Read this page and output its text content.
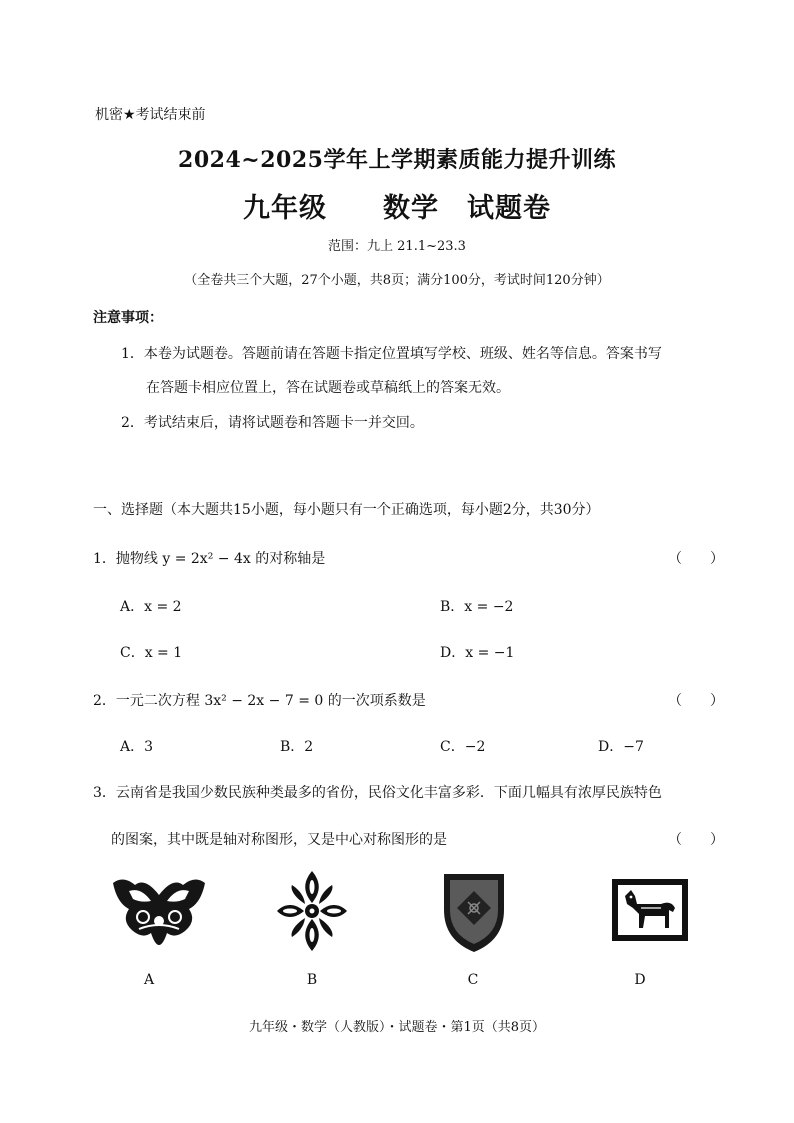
机密★考试结束前
2024~2025学年上学期素质能力提升训练
九年级　　数学　试题卷
范围：九上 21.1~23.3
（全卷共三个大题，27个小题，共8页；满分100分，考试时间120分钟）
注意事项：
1．本卷为试题卷。答题前请在答题卡指定位置填写学校、班级、姓名等信息。答案书写
在答题卡相应位置上，答在试题卷或草稿纸上的答案无效。
2．考试结束后，请将试题卷和答题卡一并交回。
一、选择题（本大题共15小题，每小题只有一个正确选项，每小题2分，共30分）
1．抛物线 y = 2x² − 4x 的对称轴是	（　　）
A．x = 2	B．x = −2
C．x = 1	D．x = −1
2．一元二次方程 3x² − 2x − 7 = 0 的一次项系数是	（　　）
A．3	B．2	C．−2	D．−7
3．云南省是我国少数民族种类最多的省份，民俗文化丰富多彩．下面几幅具有浓厚民族特色
的图案，其中既是轴对称图形，又是中心对称图形的是	（　　）
A	B	C	D
九年级・数学（人教版）・试题卷・第1页（共8页）
